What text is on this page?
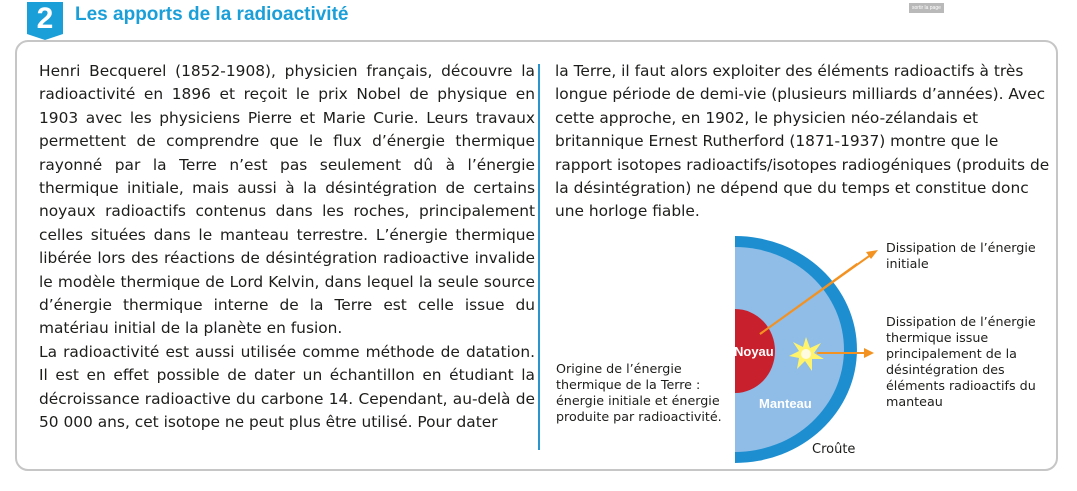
2	Les apports de la radioactivité	sortir la page

Henri Becquerel (1852-1908), physicien français, découvre la radioactivité en 1896 et reçoit le prix Nobel de physique en 1903 avec les physiciens Pierre et Marie Curie. Leurs travaux permettent de comprendre que le flux d’énergie thermique rayonné par la Terre n’est pas seulement dû à l’énergie thermique initiale, mais aussi à la désintégration de certains noyaux radioactifs contenus dans les roches, principalement celles situées dans le manteau terrestre. L’énergie thermique libérée lors des réactions de désintégration radioactive invalide le modèle thermique de Lord Kelvin, dans lequel la seule source d’énergie thermique interne de la Terre est celle issue du matériau initial de la planète en fusion.

La radioactivité est aussi utilisée comme méthode de datation. Il est en effet possible de dater un échantillon en étudiant la décroissance radioactive du carbone 14. Cependant, au-delà de 50 000 ans, cet isotope ne peut plus être utilisé. Pour dater

la Terre, il faut alors exploiter des éléments radioactifs à très longue période de demi-vie (plusieurs milliards d’années). Avec cette approche, en 1902, le physicien néo-zélandais et britannique Ernest Rutherford (1871-1937) montre que le rapport isotopes radioactifs/isotopes radiogéniques (produits de la désintégration) ne dépend que du temps et constitue donc une horloge fiable.

Origine de l’énergie thermique de la Terre : énergie initiale et énergie produite par radioactivité.
Dissipation de l’énergie initiale
Dissipation de l’énergie thermique issue principalement de la désintégration des éléments radioactifs du manteau
Croûte
Noyau
Manteau
